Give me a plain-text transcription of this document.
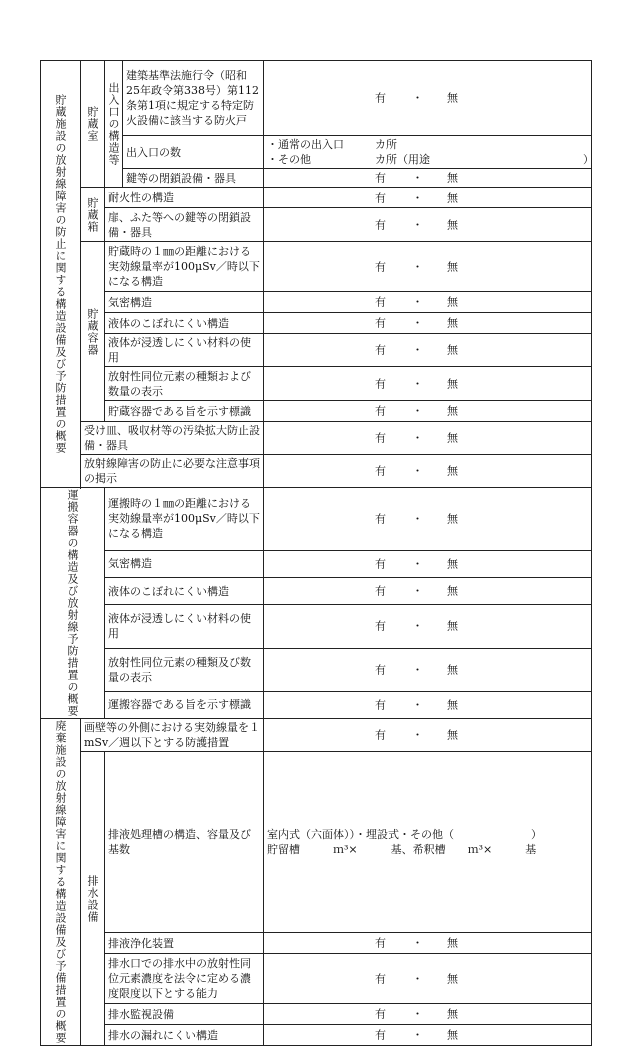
貯蔵施設の放射線障害の防止に関する構造設備及び予防措置の概要	貯蔵室	出入口の構造等	建築基準法施行令（昭和25年政令第338号）第112条第1項に規定する特定防火設備に該当する防火戸	有 ・ 無

			出入口の数	・通常の出入口 カ所
・その他 カ所（用途 ）

			鍵等の閉鎖設備・器具	有 ・ 無

	貯蔵箱	耐火性の構造		有 ・ 無

		扉、ふた等への鍵等の閉鎖設備・器具		有 ・ 無

	貯蔵容器	貯蔵時の１㎜の距離における実効線量率が100μSv／時以下になる構造		有 ・ 無

		気密構造		有 ・ 無

		液体のこぼれにくい構造		有 ・ 無

		液体が浸透しにくい材料の使用		有 ・ 無

		放射性同位元素の種類および数量の表示		有 ・ 無

		貯蔵容器である旨を示す標識		有 ・ 無

	受け皿、吸収材等の汚染拡大防止設備・器具			有 ・ 無

	放射線障害の防止に必要な注意事項の掲示			有 ・ 無

運搬容器の構造及び放射線予防措置の概要		運搬時の１㎜の距離における実効線量率が100μSv／時以下になる構造		有 ・ 無

		気密構造		有 ・ 無

		液体のこぼれにくい構造		有 ・ 無

		液体が浸透しにくい材料の使用		有 ・ 無

		放射性同位元素の種類及び数量の表示		有 ・ 無

		運搬容器である旨を示す標識		有 ・ 無

廃棄施設の放射線障害に関する構造設備及び予備措置の概要	画壁等の外側における実効線量を１mSv／週以下とする防護措置			有 ・ 無

	排水設備	排液処理槽の構造、容量及び基数		室内式（六面体））・埋設式・その他（　　　　　　　）
貯留槽　　　ｍ³×　　　基、希釈槽　　ｍ³×　　　基

		排液浄化装置		有 ・ 無

		排水口での排水中の放射性同位元素濃度を法令に定める濃度限度以下とする能力		有 ・ 無

		排水監視設備		有 ・ 無

		排水の漏れにくい構造		有 ・ 無
